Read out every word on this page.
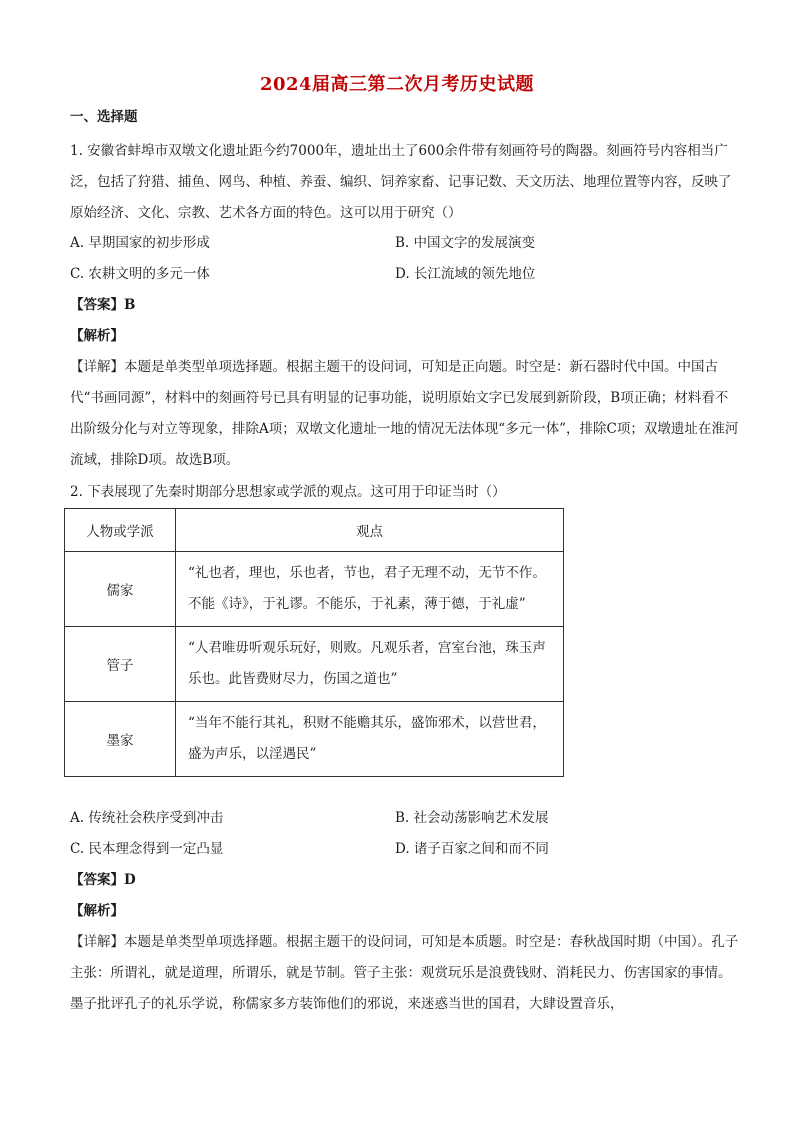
2024届高三第二次月考历史试题
一、选择题
1. 安徽省蚌埠市双墩文化遗址距今约7000年，遗址出土了600余件带有刻画符号的陶器。刻画符号内容相当广泛，包括了狩猎、捕鱼、网鸟、种植、养蚕、编织、饲养家畜、记事记数、天文历法、地理位置等内容，反映了原始经济、文化、宗教、艺术各方面的特色。这可以用于研究（）
A. 早期国家的初步形成	B. 中国文字的发展演变
C. 农耕文明的多元一体	D. 长江流域的领先地位
【答案】B
【解析】
【详解】本题是单类型单项选择题。根据主题干的设问词，可知是正向题。时空是：新石器时代中国。中国古代“书画同源”，材料中的刻画符号已具有明显的记事功能，说明原始文字已发展到新阶段，B项正确；材料看不出阶级分化与对立等现象，排除A项；双墩文化遗址一地的情况无法体现“多元一体”，排除C项；双墩遗址在淮河流域，排除D项。故选B项。
2. 下表展现了先秦时期部分思想家或学派的观点。这可用于印证当时（）
人物或学派	观点
儒家	“礼也者，理也，乐也者，节也，君子无理不动，无节不作。不能《诗》，于礼谬。不能乐，于礼素，薄于德，于礼虚”
管子	“人君唯毋听观乐玩好，则败。凡观乐者，宫室台池，珠玉声乐也。此皆费财尽力，伤国之道也”
墨家	“当年不能行其礼，积财不能赡其乐，盛饰邪术，以营世君，盛为声乐，以淫遇民”
A. 传统社会秩序受到冲击	B. 社会动荡影响艺术发展
C. 民本理念得到一定凸显	D. 诸子百家之间和而不同
【答案】D
【解析】
【详解】本题是单类型单项选择题。根据主题干的设问词，可知是本质题。时空是：春秋战国时期（中国）。孔子主张：所谓礼，就是道理，所谓乐，就是节制。管子主张：观赏玩乐是浪费钱财、消耗民力、伤害国家的事情。墨子批评孔子的礼乐学说，称儒家多方装饰他们的邪说，来迷惑当世的国君，大肆设置音乐，
